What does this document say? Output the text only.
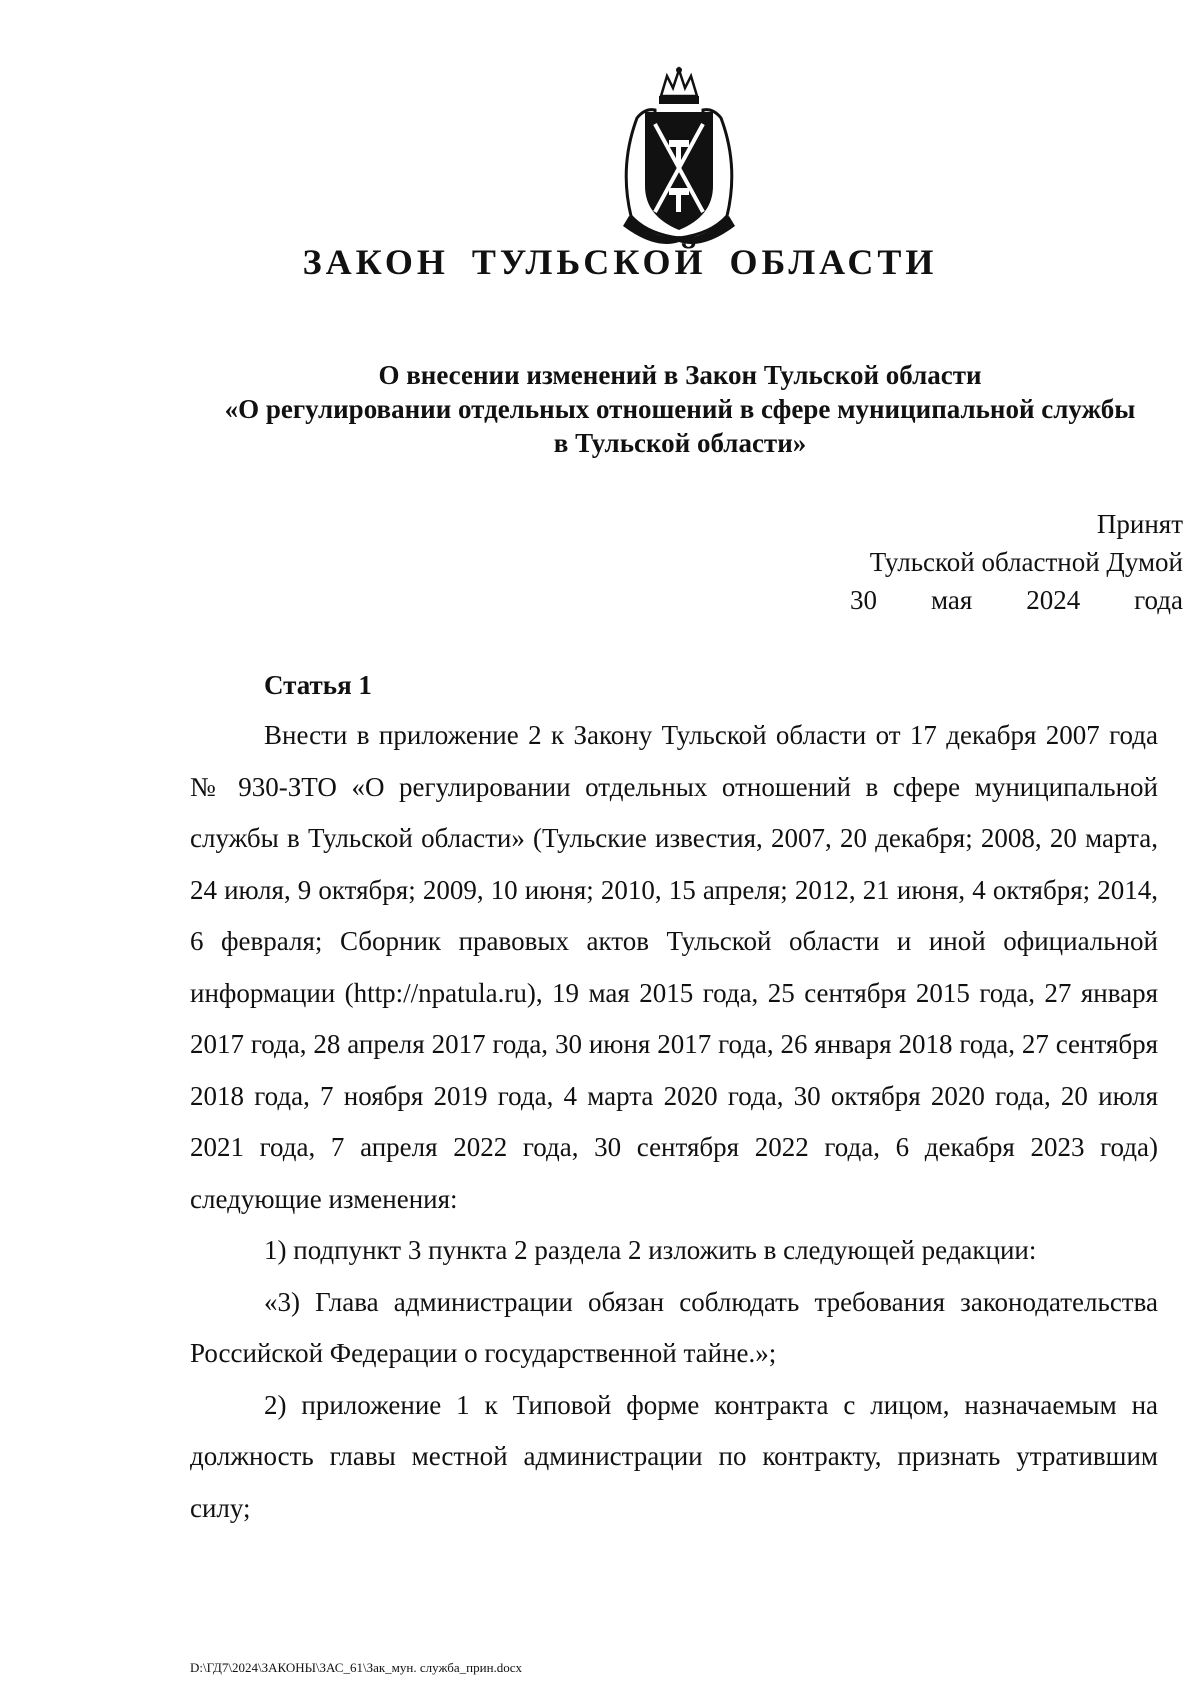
ЗАКОН ТУЛЬСКОЙ ОБЛАСТИ
О внесении изменений в Закон Тульской области
«О регулировании отдельных отношений в сфере муниципальной службы
в Тульской области»
Принят
Тульской областной Думой
30 мая 2024 года
Статья 1

Внести в приложение 2 к Закону Тульской области от 17 декабря 2007 года № 930-ЗТО «О регулировании отдельных отношений в сфере муниципальной службы в Тульской области» (Тульские известия, 2007, 20 декабря; 2008, 20 марта, 24 июля, 9 октября; 2009, 10 июня; 2010, 15 апреля; 2012, 21 июня, 4 октября; 2014, 6 февраля; Сборник правовых актов Тульской области и иной официальной информации (http://npatula.ru), 19 мая 2015 года, 25 сентября 2015 года, 27 января 2017 года, 28 апреля 2017 года, 30 июня 2017 года, 26 января 2018 года, 27 сентября 2018 года, 7 ноября 2019 года, 4 марта 2020 года, 30 октября 2020 года, 20 июля 2021 года, 7 апреля 2022 года, 30 сентября 2022 года, 6 декабря 2023 года) следующие изменения:

1) подпункт 3 пункта 2 раздела 2 изложить в следующей редакции:

«3) Глава администрации обязан соблюдать требования законодательства Российской Федерации о государственной тайне.»;

2) приложение 1 к Типовой форме контракта с лицом, назначаемым на должность главы местной администрации по контракту, признать утратившим силу;

D:\ГД7\2024\ЗАКОНЫ\ЗАС_61\Зак_мун. служба_прин.docx
